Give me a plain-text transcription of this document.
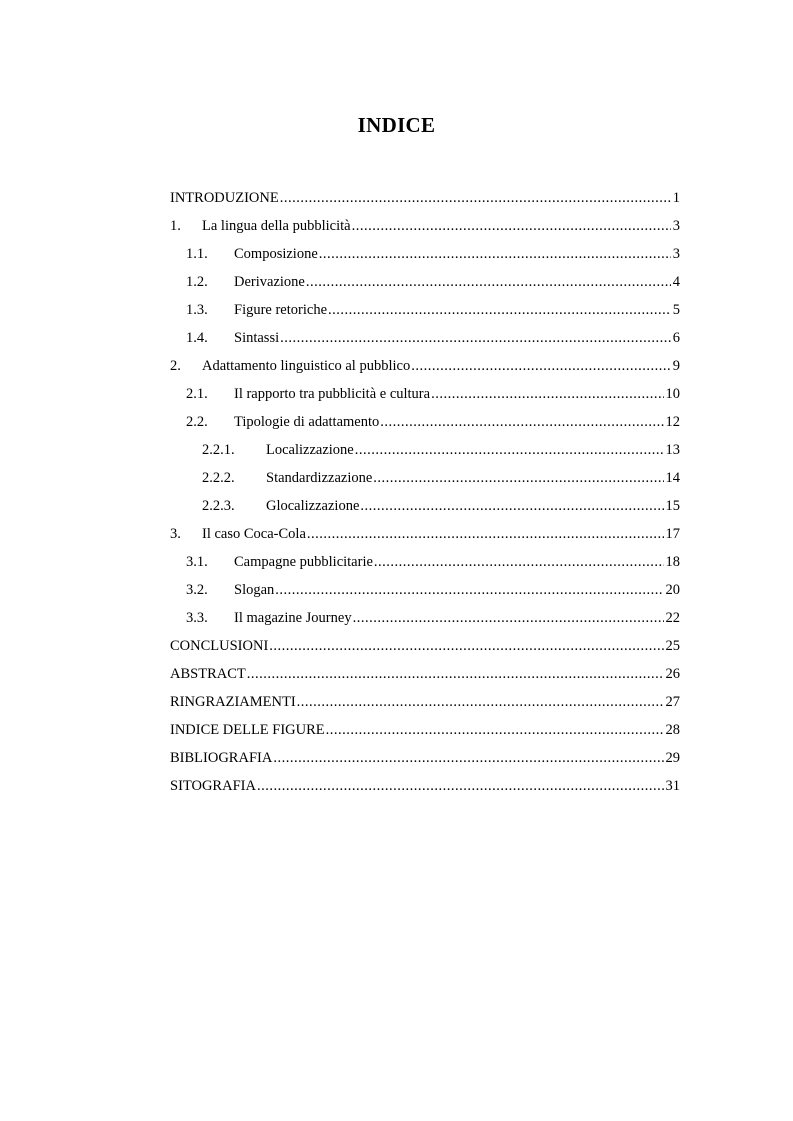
INDICE
INTRODUZIONE .....	1
1.	La lingua della pubblicità .....	3
1.1.	Composizione .....	3
1.2.	Derivazione .....	4
1.3.	Figure retoriche .....	5
1.4.	Sintassi .....	6
2.	Adattamento linguistico al pubblico .....	9
2.1.	Il rapporto tra pubblicità e cultura .....	10
2.2.	Tipologie di adattamento .....	12
2.2.1.	Localizzazione .....	13
2.2.2.	Standardizzazione .....	14
2.2.3.	Glocalizzazione .....	15
3.	Il caso Coca-Cola .....	17
3.1.	Campagne pubblicitarie .....	18
3.2.	Slogan .....	20
3.3.	Il magazine Journey .....	22
CONCLUSIONI .....	25
ABSTRACT .....	26
RINGRAZIAMENTI .....	27
INDICE DELLE FIGURE .....	28
BIBLIOGRAFIA .....	29
SITOGRAFIA .....	31
